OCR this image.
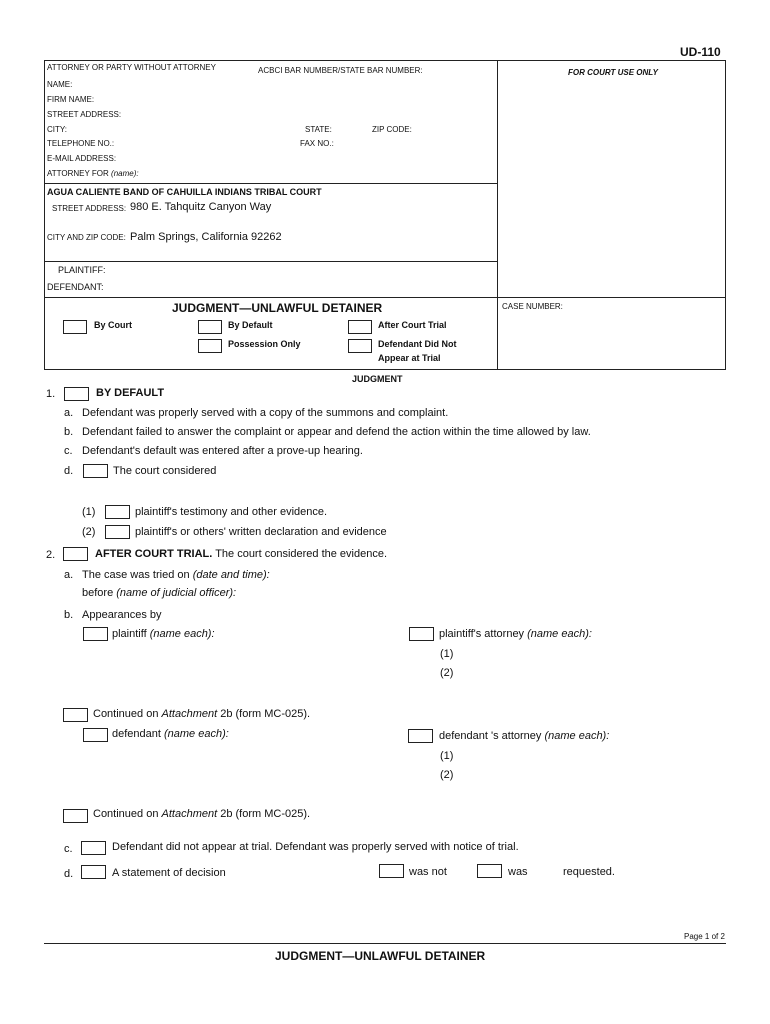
UD-110
ATTORNEY OR PARTY WITHOUT ATTORNEY	ACBCI BAR NUMBER/STATE BAR NUMBER:	FOR COURT USE ONLY
NAME:
FIRM NAME:
STREET ADDRESS:
CITY:	STATE:	ZIP CODE:
TELEPHONE NO.:	FAX NO.:
E-MAIL ADDRESS:
ATTORNEY FOR (name):
AGUA CALIENTE BAND OF CAHUILLA INDIANS TRIBAL COURT
STREET ADDRESS: 980 E. Tahquitz Canyon Way
CITY AND ZIP CODE: Palm Springs, California 92262
PLAINTIFF:
DEFENDANT:
JUDGMENT—UNLAWFUL DETAINER	CASE NUMBER:
By Court	By Default	After Court Trial
Possession Only	Defendant Did Not
Appear at Trial
JUDGMENT
1.	BY DEFAULT
a. Defendant was properly served with a copy of the summons and complaint.
b. Defendant failed to answer the complaint or appear and defend the action within the time allowed by law.
c. Defendant's default was entered after a prove-up hearing.
d.	The court considered
(1)	plaintiff's testimony and other evidence.
(2)	plaintiff's or others' written declaration and evidence
2.	AFTER COURT TRIAL. The court considered the evidence.
a. The case was tried on (date and time):
before (name of judicial officer):
b. Appearances by
plaintiff (name each):	plaintiff's attorney (name each):
(1)
(2)
Continued on Attachment 2b (form MC-025).
defendant (name each):	defendant 's attorney (name each):
(1)
(2)
Continued on Attachment 2b (form MC-025).
c.	Defendant did not appear at trial. Defendant was properly served with notice of trial.
d.	A statement of decision	was not	was	requested.
Page 1 of 2
JUDGMENT—UNLAWFUL DETAINER
